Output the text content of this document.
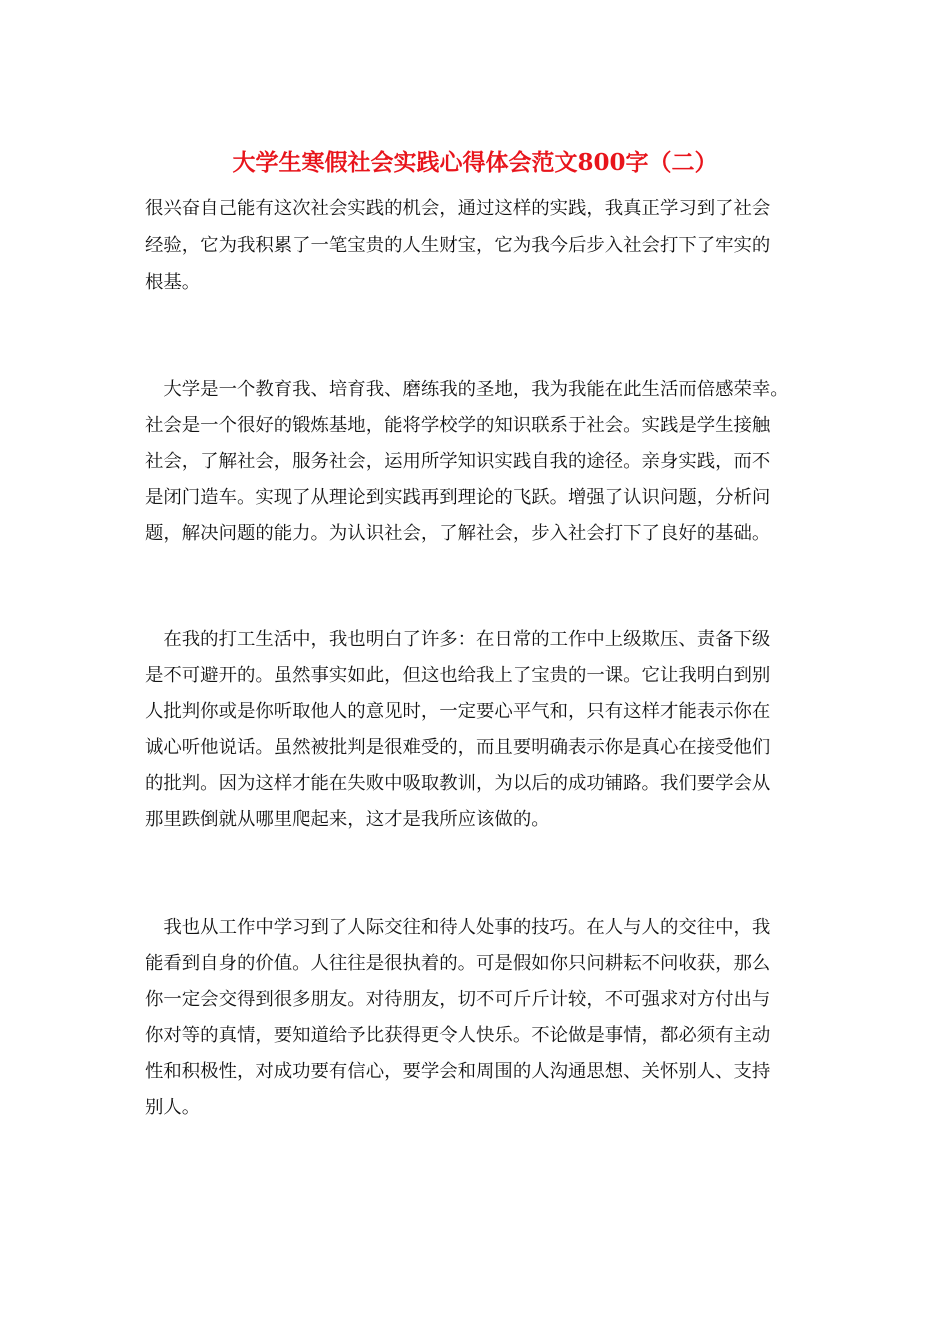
大学生寒假社会实践心得体会范文800字（二）
很兴奋自己能有这次社会实践的机会，通过这样的实践，我真正学习到了社会
经验，它为我积累了一笔宝贵的人生财宝，它为我今后步入社会打下了牢实的
根基。
　大学是一个教育我、培育我、磨练我的圣地，我为我能在此生活而倍感荣幸。
社会是一个很好的锻炼基地，能将学校学的知识联系于社会。实践是学生接触
社会，了解社会，服务社会，运用所学知识实践自我的途径。亲身实践，而不
是闭门造车。实现了从理论到实践再到理论的飞跃。增强了认识问题，分析问
题，解决问题的能力。为认识社会，了解社会，步入社会打下了良好的基础。
　在我的打工生活中，我也明白了许多：在日常的工作中上级欺压、责备下级
是不可避开的。虽然事实如此，但这也给我上了宝贵的一课。它让我明白到别
人批判你或是你听取他人的意见时，一定要心平气和，只有这样才能表示你在
诚心听他说话。虽然被批判是很难受的，而且要明确表示你是真心在接受他们
的批判。因为这样才能在失败中吸取教训，为以后的成功铺路。我们要学会从
那里跌倒就从哪里爬起来，这才是我所应该做的。
　我也从工作中学习到了人际交往和待人处事的技巧。在人与人的交往中，我
能看到自身的价值。人往往是很执着的。可是假如你只问耕耘不问收获，那么
你一定会交得到很多朋友。对待朋友，切不可斤斤计较，不可强求对方付出与
你对等的真情，要知道给予比获得更令人快乐。不论做是事情，都必须有主动
性和积极性，对成功要有信心，要学会和周围的人沟通思想、关怀别人、支持
别人。
